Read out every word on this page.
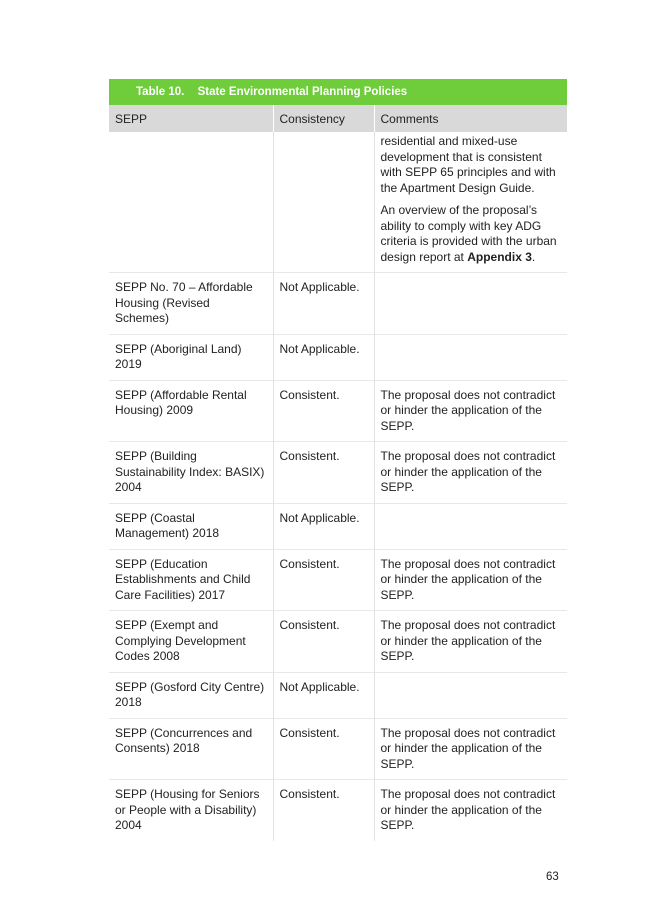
Table 10. State Environmental Planning Policies
SEPP	Consistency	Comments

		residential and mixed-use development that is consistent with SEPP 65 principles and with the Apartment Design Guide.

An overview of the proposal’s ability to comply with key ADG criteria is provided with the urban design report at Appendix 3.

SEPP No. 70 – Affordable Housing (Revised Schemes)	Not Applicable.	
SEPP (Aboriginal Land) 2019	Not Applicable.	
SEPP (Affordable Rental Housing) 2009	Consistent.	The proposal does not contradict or hinder the application of the SEPP.
SEPP (Building Sustainability Index: BASIX) 2004	Consistent.	The proposal does not contradict or hinder the application of the SEPP.
SEPP (Coastal Management) 2018	Not Applicable.	
SEPP (Education Establishments and Child Care Facilities) 2017	Consistent.	The proposal does not contradict or hinder the application of the SEPP.
SEPP (Exempt and Complying Development Codes 2008	Consistent.	The proposal does not contradict or hinder the application of the SEPP.
SEPP (Gosford City Centre) 2018	Not Applicable.	
SEPP (Concurrences and Consents) 2018	Consistent.	The proposal does not contradict or hinder the application of the SEPP.
SEPP (Housing for Seniors or People with a Disability) 2004	Consistent.	The proposal does not contradict or hinder the application of the SEPP.
63
